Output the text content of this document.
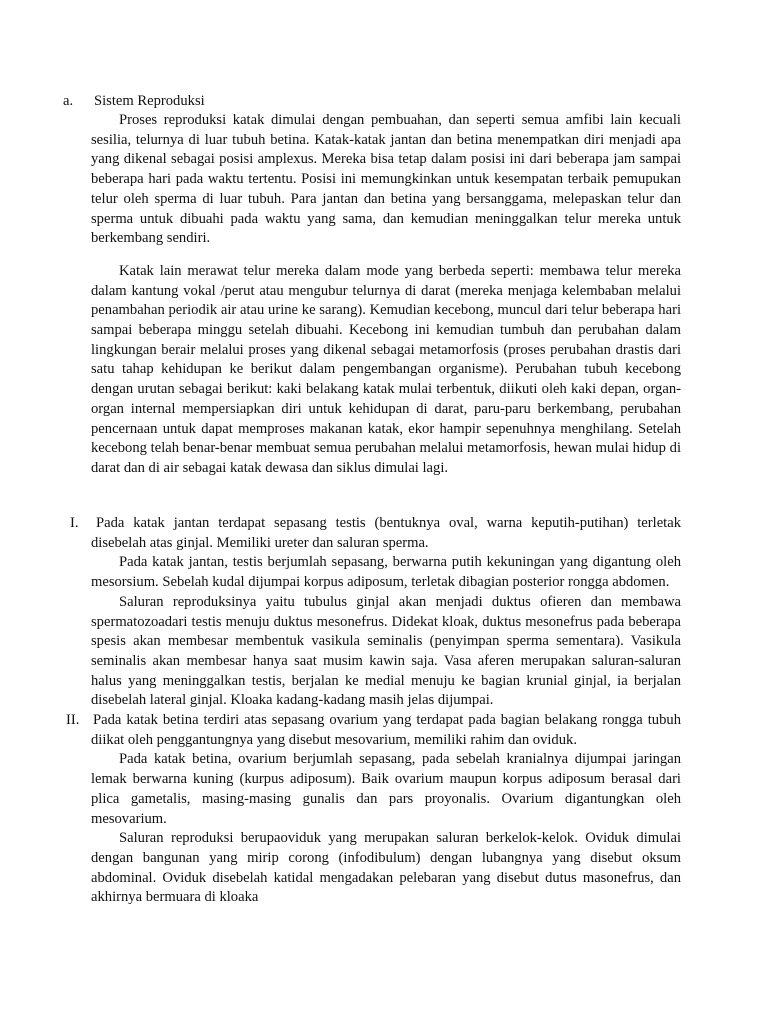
a. Sistem Reproduksi

Proses reproduksi katak dimulai dengan pembuahan, dan seperti semua amfibi lain kecuali sesilia, telurnya di luar tubuh betina. Katak-katak jantan dan betina menempatkan diri menjadi apa yang dikenal sebagai posisi amplexus. Mereka bisa tetap dalam posisi ini dari beberapa jam sampai beberapa hari pada waktu tertentu. Posisi ini memungkinkan untuk kesempatan terbaik pemupukan telur oleh sperma di luar tubuh. Para jantan dan betina yang bersanggama, melepaskan telur dan sperma untuk dibuahi pada waktu yang sama, dan kemudian meninggalkan telur mereka untuk berkembang sendiri.

Katak lain merawat telur mereka dalam mode yang berbeda seperti: membawa telur mereka dalam kantung vokal /perut atau mengubur telurnya di darat (mereka menjaga kelembaban melalui penambahan periodik air atau urine ke sarang). Kemudian kecebong, muncul dari telur beberapa hari sampai beberapa minggu setelah dibuahi. Kecebong ini kemudian tumbuh dan perubahan dalam lingkungan berair melalui proses yang dikenal sebagai metamorfosis (proses perubahan drastis dari satu tahap kehidupan ke berikut dalam pengembangan organisme). Perubahan tubuh kecebong dengan urutan sebagai berikut: kaki belakang katak mulai terbentuk, diikuti oleh kaki depan, organ-organ internal mempersiapkan diri untuk kehidupan di darat, paru-paru berkembang, perubahan pencernaan untuk dapat memproses makanan katak, ekor hampir sepenuhnya menghilang. Setelah kecebong telah benar-benar membuat semua perubahan melalui metamorfosis, hewan mulai hidup di darat dan di air sebagai katak dewasa dan siklus dimulai lagi.

I.	Pada katak jantan terdapat sepasang testis (bentuknya oval, warna keputih-putihan) terletak disebelah atas ginjal. Memiliki ureter dan saluran sperma.

Pada katak jantan, testis berjumlah sepasang, berwarna putih kekuningan yang digantung oleh mesorsium. Sebelah kudal dijumpai korpus adiposum, terletak dibagian posterior rongga abdomen.

Saluran reproduksinya yaitu tubulus ginjal akan menjadi duktus ofieren dan membawa spermatozoadari testis menuju duktus mesonefrus. Didekat kloak, duktus mesonefrus pada beberapa spesis akan membesar membentuk vasikula seminalis (penyimpan sperma sementara). Vasikula seminalis akan membesar hanya saat musim kawin saja. Vasa aferen merupakan saluran-saluran halus yang meninggalkan testis, berjalan ke medial menuju ke bagian krunial ginjal, ia berjalan disebelah lateral ginjal. Kloaka kadang-kadang masih jelas dijumpai.

II. Pada katak betina terdiri atas sepasang ovarium yang terdapat pada bagian belakang rongga tubuh diikat oleh penggantungnya yang disebut mesovarium, memiliki rahim dan oviduk.

Pada katak betina, ovarium berjumlah sepasang, pada sebelah kranialnya dijumpai jaringan lemak berwarna kuning (kurpus adiposum). Baik ovarium maupun korpus adiposum berasal dari plica gametalis, masing-masing gunalis dan pars proyonalis. Ovarium digantungkan oleh mesovarium.

Saluran reproduksi berupaoviduk yang merupakan saluran berkelok-kelok. Oviduk dimulai dengan bangunan yang mirip corong (infodibulum) dengan lubangnya yang disebut oksum abdominal. Oviduk disebelah katidal mengadakan pelebaran yang disebut dutus masonefrus, dan akhirnya bermuara di kloaka
